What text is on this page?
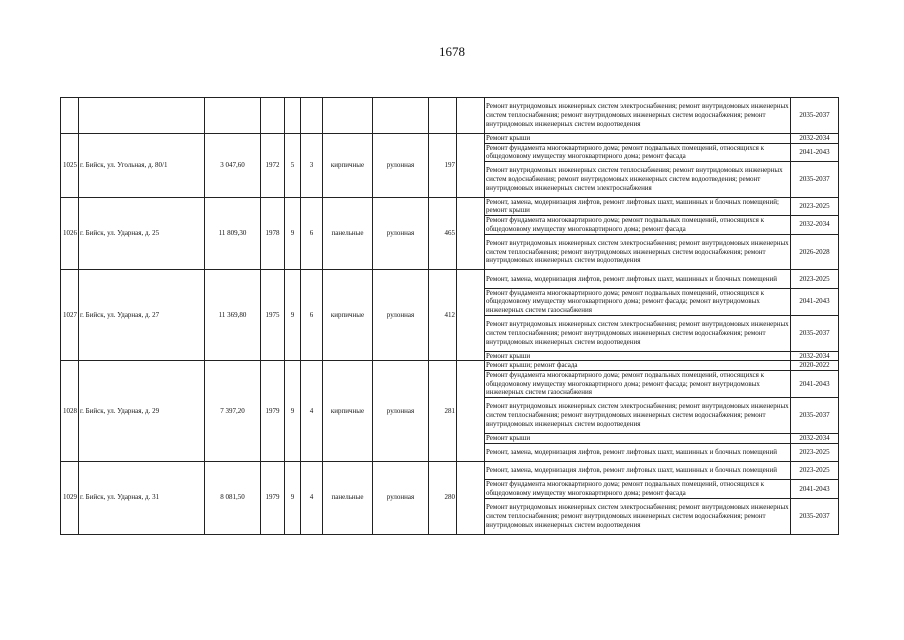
1678
										Ремонт внутридомовых инженерных систем электроснабжения; ремонт внутридомовых инженерных систем теплоснабжения; ремонт внутридомовых инженерных систем водоснабжения; ремонт внутридомовых инженерных систем водоотведения	2035-2037
1025	г. Бийск, ул. Угольная, д. 80/1	3 047,60	1972	5	3	кирпичные	рулонная	197		Ремонт крыши	2032-2034
										Ремонт фундамента многоквартирного дома; ремонт подвальных помещений, относящихся к общедомовому имуществу многоквартирного дома; ремонт фасада	2041-2043
										Ремонт внутридомовых инженерных систем теплоснабжения; ремонт внутридомовых инженерных систем водоснабжения; ремонт внутридомовых инженерных систем водоотведения; ремонт внутридомовых инженерных систем электроснабжения	2035-2037
1026	г. Бийск, ул. Ударная, д. 25	11 809,30	1978	9	6	панельные	рулонная	465		Ремонт, замена, модернизация лифтов, ремонт лифтовых шахт, машинных и блочных помещений; ремонт крыши	2023-2025
										Ремонт фундамента многоквартирного дома; ремонт подвальных помещений, относящихся к общедомовому имуществу многоквартирного дома; ремонт фасада	2032-2034
										Ремонт внутридомовых инженерных систем электроснабжения; ремонт внутридомовых инженерных систем теплоснабжения; ремонт внутридомовых инженерных систем водоснабжения; ремонт внутридомовых инженерных систем водоотведения	2026-2028
1027	г. Бийск, ул. Ударная, д. 27	11 369,80	1975	9	6	кирпичные	рулонная	412		Ремонт, замена, модернизация лифтов, ремонт лифтовых шахт, машинных и блочных помещений	2023-2025
										Ремонт фундамента многоквартирного дома; ремонт подвальных помещений, относящихся к общедомовому имуществу многоквартирного дома; ремонт фасада; ремонт внутридомовых инженерных систем газоснабжения	2041-2043
										Ремонт внутридомовых инженерных систем электроснабжения; ремонт внутридомовых инженерных систем теплоснабжения; ремонт внутридомовых инженерных систем водоснабжения; ремонт внутридомовых инженерных систем водоотведения	2035-2037
										Ремонт крыши	2032-2034
1028	г. Бийск, ул. Ударная, д. 29	7 397,20	1979	9	4	кирпичные	рулонная	281		Ремонт крыши; ремонт фасада	2020-2022
										Ремонт фундамента многоквартирного дома; ремонт подвальных помещений, относящихся к общедомовому имуществу многоквартирного дома; ремонт фасада; ремонт внутридомовых инженерных систем газоснабжения	2041-2043
										Ремонт внутридомовых инженерных систем электроснабжения; ремонт внутридомовых инженерных систем теплоснабжения; ремонт внутридомовых инженерных систем водоснабжения; ремонт внутридомовых инженерных систем водоотведения	2035-2037
										Ремонт крыши	2032-2034
										Ремонт, замена, модернизация лифтов, ремонт лифтовых шахт, машинных и блочных помещений	2023-2025
1029	г. Бийск, ул. Ударная, д. 31	8 081,50	1979	9	4	панельные	рулонная	280		Ремонт, замена, модернизация лифтов, ремонт лифтовых шахт, машинных и блочных помещений	2023-2025
										Ремонт фундамента многоквартирного дома; ремонт подвальных помещений, относящихся к общедомовому имуществу многоквартирного дома; ремонт фасада	2041-2043
										Ремонт внутридомовых инженерных систем электроснабжения; ремонт внутридомовых инженерных систем теплоснабжения; ремонт внутридомовых инженерных систем водоснабжения; ремонт внутридомовых инженерных систем водоотведения	2035-2037
